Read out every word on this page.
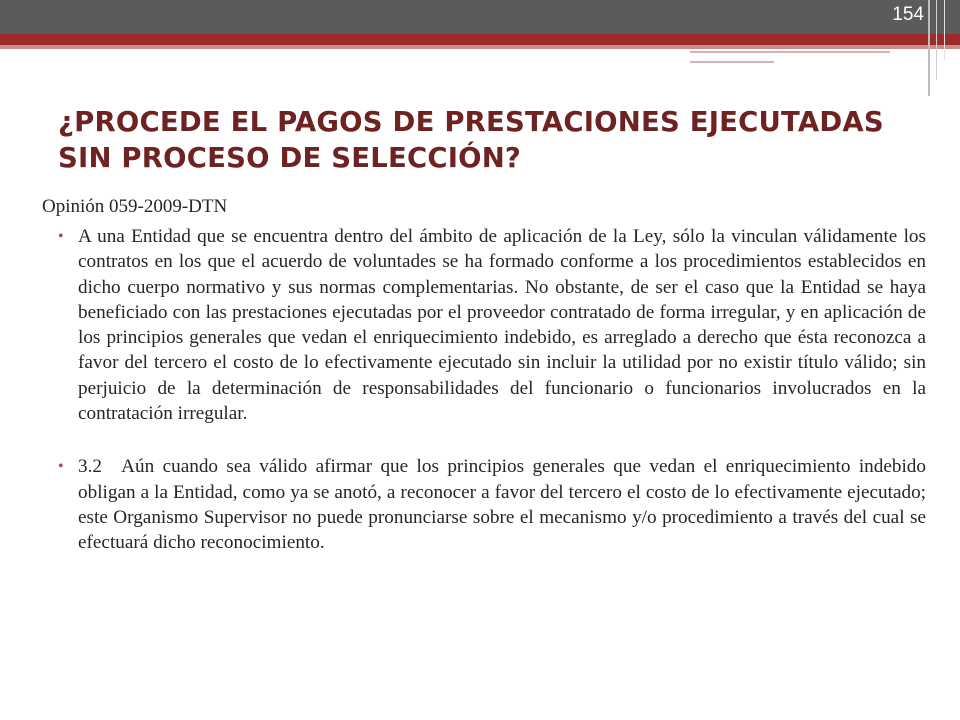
154
¿PROCEDE EL PAGOS DE PRESTACIONES EJECUTADAS SIN PROCESO DE SELECCIÓN?
Opinión 059-2009-DTN
• A una Entidad que se encuentra dentro del ámbito de aplicación de la Ley, sólo la vinculan válidamente los contratos en los que el acuerdo de voluntades se ha formado conforme a los procedimientos establecidos en dicho cuerpo normativo y sus normas complementarias. No obstante, de ser el caso que la Entidad se haya beneficiado con las prestaciones ejecutadas por el proveedor contratado de forma irregular, y en aplicación de los principios generales que vedan el enriquecimiento indebido, es arreglado a derecho que ésta reconozca a favor del tercero el costo de lo efectivamente ejecutado sin incluir la utilidad por no existir título válido; sin perjuicio de la determinación de responsabilidades del funcionario o funcionarios involucrados en la contratación irregular.
• 3.2 Aún cuando sea válido afirmar que los principios generales que vedan el enriquecimiento indebido obligan a la Entidad, como ya se anotó, a reconocer a favor del tercero el costo de lo efectivamente ejecutado; este Organismo Supervisor no puede pronunciarse sobre el mecanismo y/o procedimiento a través del cual se efectuará dicho reconocimiento.
